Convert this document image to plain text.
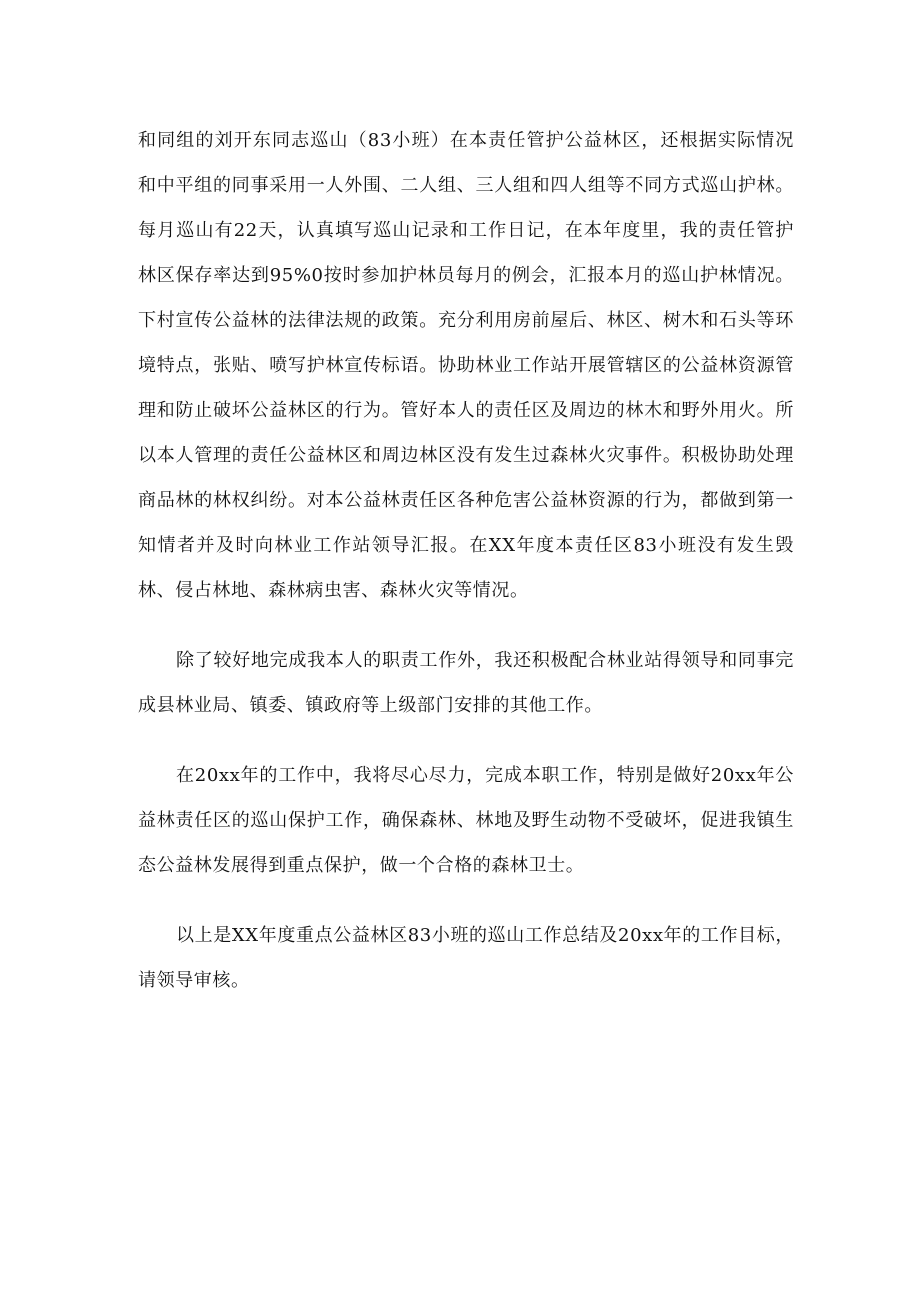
和同组的刘开东同志巡山（83小班）在本责任管护公益林区，还根据实际情况和中平组的同事采用一人外围、二人组、三人组和四人组等不同方式巡山护林。每月巡山有22天，认真填写巡山记录和工作日记，在本年度里，我的责任管护林区保存率达到95%0按时参加护林员每月的例会，汇报本月的巡山护林情况。下村宣传公益林的法律法规的政策。充分利用房前屋后、林区、树木和石头等环境特点，张贴、喷写护林宣传标语。协助林业工作站开展管辖区的公益林资源管理和防止破坏公益林区的行为。管好本人的责任区及周边的林木和野外用火。所以本人管理的责任公益林区和周边林区没有发生过森林火灾事件。积极协助处理商品林的林权纠纷。对本公益林责任区各种危害公益林资源的行为，都做到第一知情者并及时向林业工作站领导汇报。在XX年度本责任区83小班没有发生毁林、侵占林地、森林病虫害、森林火灾等情况。

除了较好地完成我本人的职责工作外，我还积极配合林业站得领导和同事完成县林业局、镇委、镇政府等上级部门安排的其他工作。

在20xx年的工作中，我将尽心尽力，完成本职工作，特别是做好20xx年公益林责任区的巡山保护工作，确保森林、林地及野生动物不受破坏，促进我镇生态公益林发展得到重点保护，做一个合格的森林卫士。

以上是XX年度重点公益林区83小班的巡山工作总结及20xx年的工作目标，请领导审核。
